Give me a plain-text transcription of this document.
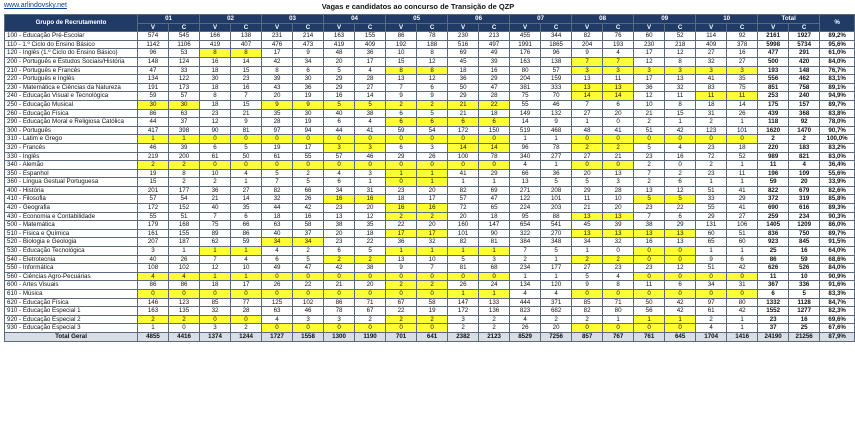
www.arlindovsky.net	Vagas e candidatos ao concurso de Transição de QZP
Grupo de Recrutamento	01		02		03		04		05		06		07		08		09		10		Total		%
	V	C	V	C	V	C	V	C	V	C	V	C	V	C	V	C	V	C	V	C	V	C	
100 - Educação Pré-Escolar	574	545	166	138	231	214	163	155	86	78	230	213	455	344	82	76	60	52	114	92	2161	1927	89,2%
110 - 1.º Ciclo do Ensino Básico	1142	1106	419	407	476	473	419	409	192	188	516	497	1991	1865	204	193	230	218	409	378	5998	5734	95,6%
120 - Inglês (1.º Ciclo do Ensino Básico)	96	53	8	8	17	9	48	36	10	8	69	49	176	96	9	4	17	12	27	16	477	291	61,0%
200 - Português e Estudos Sociais/História	148	124	16	14	42	34	20	17	15	12	45	39	163	138	7	7	12	8	32	27	500	420	84,0%
210 - Português e Francês	47	33	18	15	8	6	5	4	8	8	18	16	80	57	3	3	3	3	3	3	193	148	76,7%
220 - Português e Inglês	134	122	30	23	39	30	29	28	13	12	36	29	204	159	13	11	17	13	41	35	556	462	83,1%
230 - Matemática e Ciências da Natureza	191	173	18	16	43	36	29	27	7	6	50	47	381	333	13	13	36	32	83	75	851	758	89,1%
240 - Educação Visual e Tecnológica	59	57	8	7	20	19	16	14	9	9	29	28	75	70	14	14	12	11	11	11	253	240	94,9%
250 - Educação Musical	30	30	18	15	9	9	5	5	2	2	21	22	55	46	7	6	10	8	18	14	175	157	89,7%
260 - Educação Física	86	63	23	21	35	30	40	38	6	5	21	18	149	132	27	20	21	15	31	26	439	368	83,8%
290 - Educação Moral e Religiosa Católica	44	37	12	9	28	19	6	4	6	6	6	6	14	9	1	0	2	1	2	1	118	92	78,0%
300 - Português	417	398	90	81	97	94	44	41	59	54	172	150	519	468	48	41	51	42	123	101	1620	1470	90,7%
310 - Latim e Grego	1	1	0	0	0	0	0	0	0	0	0	0	1	1	0	0	0	0	0	0	2	2	100,0%
320 - Francês	46	39	6	5	19	17	3	3	6	3	14	14	96	78	2	2	5	4	23	18	220	183	83,2%
330 - Inglês	219	200	61	50	61	55	57	46	29	26	100	78	340	277	27	21	23	16	72	52	989	821	83,0%
340 - Alemão	2	2	0	0	0	0	0	0	0	0	0	0	4	1	0	0	2	0	2	1	11	4	36,4%
350 - Espanhol	19	8	10	4	5	2	4	3	1	1	41	29	66	36	20	13	7	2	23	11	196	109	55,6%
360 - Língua Gestual Portuguesa	15	2	2	1	7	5	6	1	0	1	1	1	13	5	5	3	2	6	1	1	59	20	33,9%
400 - História	201	177	36	27	82	66	34	31	23	20	82	69	271	208	29	28	13	12	51	41	822	679	82,6%
410 - Filosofia	57	54	21	14	32	26	16	16	18	17	57	47	122	101	11	10	5	5	33	29	372	319	85,8%
420 - Geografia	172	152	40	35	44	42	23	20	16	16	72	65	224	203	21	20	23	22	55	41	690	616	89,3%
430 - Economia e Contabilidade	55	51	7	6	18	16	13	12	2	2	20	18	95	88	13	13	7	6	29	27	259	234	90,3%
500 - Matemática	179	168	75	66	63	58	38	35	22	20	160	147	654	541	45	39	38	29	131	106	1405	1209	86,0%
510 - Física e Química	161	155	89	86	40	37	20	18	17	17	101	90	322	270	13	13	13	13	60	51	836	750	89,7%
520 - Biologia e Geologia	207	187	62	59	34	34	23	22	36	32	82	81	384	348	34	32	16	13	65	60	923	845	91,5%
530 - Educação Tecnológica	3	1	1	1	4	2	6	5	1	1	1	1	7	5	1	0	0	0	1	1	25	16	64,0%
540 - Eletrotecnia	40	26	7	4	6	5	2	2	13	10	5	3	2	1	2	2	0	0	9	6	86	59	68,6%
550 - Informática	108	102	12	10	49	47	42	38	9	7	81	68	234	177	27	23	23	12	51	42	626	526	84,0%
560 - Ciências Agro-Pecuárias	4	4	1	1	0	0	0	0	0	0	0	0	1	1	5	4	0	0	0	0	11	10	90,9%
600 - Artes Visuais	86	86	18	17	26	22	21	20	2	2	26	24	134	120	9	8	11	6	34	31	367	336	91,6%
610 - Música	0	0	0	0	0	0	0	0	0	0	1	1	4	4	0	0	0	0	0	0	6	5	83,3%
620 - Educação Física	146	123	85	77	125	102	86	71	67	58	147	133	444	371	85	71	50	42	97	80	1332	1128	84,7%
910 - Educação Especial 1	163	135	32	28	63	46	78	67	22	19	172	136	823	682	82	80	56	42	61	42	1552	1277	82,3%
920 - Educação Especial 2	2	2	0	0	4	3	3	2	2	2	3	2	4	2	2	1	1	1	2	1	23	16	69,6%
930 - Educação Especial 3	1	0	3	2	0	0	0	0	0	0	2	2	26	20	0	0	0	0	4	1	37	25	67,6%
Total Geral	4855	4416	1374	1244	1727	1558	1300	1190	701	641	2382	2123	8529	7256	857	767	761	645	1704	1416	24190	21256	87,9%
